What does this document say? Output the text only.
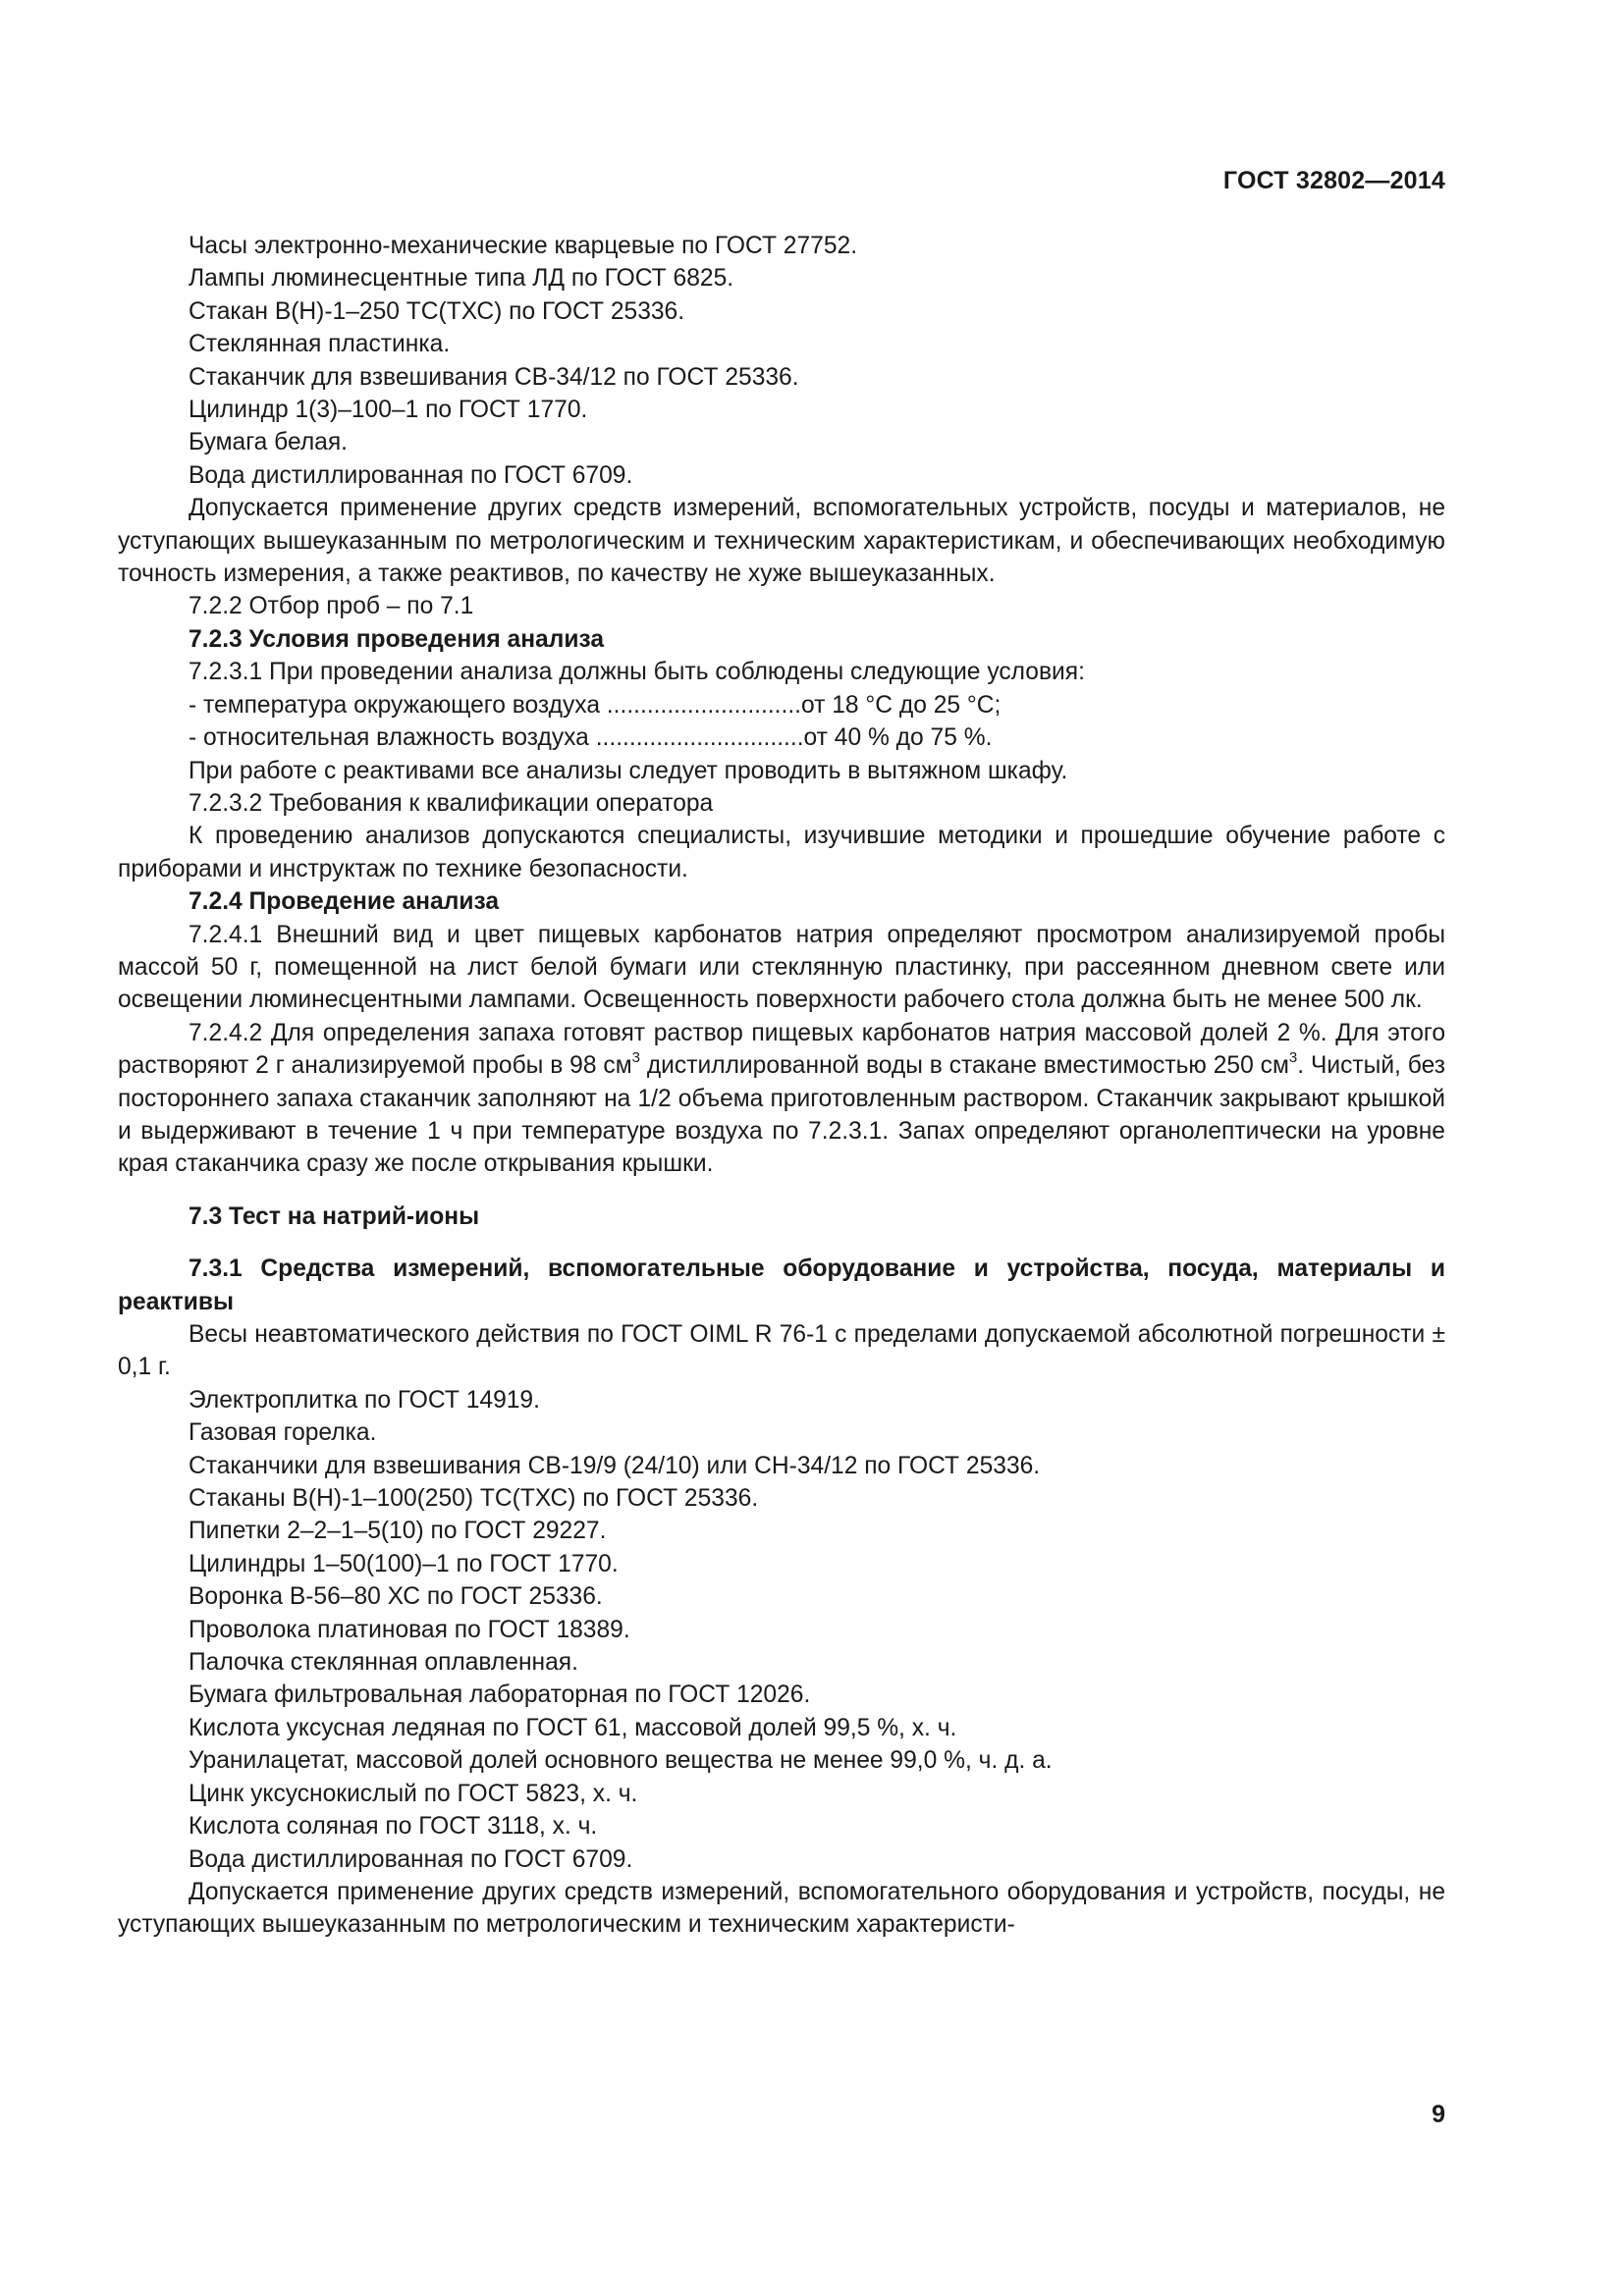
ГОСТ 32802—2014

Часы электронно-механические кварцевые по ГОСТ 27752.

Лампы люминесцентные типа ЛД по ГОСТ 6825.

Стакан В(Н)-1–250 ТС(ТХС) по ГОСТ 25336.

Стеклянная пластинка.

Стаканчик для взвешивания СВ-34/12 по ГОСТ 25336.

Цилиндр 1(3)–100–1 по ГОСТ 1770.

Бумага белая.

Вода дистиллированная по ГОСТ 6709.

Допускается применение других средств измерений, вспомогательных устройств, посуды и материалов, не уступающих вышеуказанным по метрологическим и техническим характеристикам, и обеспечивающих необходимую точность измерения, а также реактивов, по качеству не хуже вышеуказанных.

7.2.2 Отбор проб – по 7.1

7.2.3 Условия проведения анализа

7.2.3.1 При проведении анализа должны быть соблюдены следующие условия:

- температура окружающего воздуха .............................от 18 °С до 25 °С;

- относительная влажность воздуха ...............................от 40 % до 75 %.

При работе с реактивами все анализы следует проводить в вытяжном шкафу.

7.2.3.2 Требования к квалификации оператора

К проведению анализов допускаются специалисты, изучившие методики и прошедшие обучение работе с приборами и инструктаж по технике безопасности.

7.2.4 Проведение анализа

7.2.4.1 Внешний вид и цвет пищевых карбонатов натрия определяют просмотром анализируемой пробы массой 50 г, помещенной на лист белой бумаги или стеклянную пластинку, при рассеянном дневном свете или освещении люминесцентными лампами. Освещенность поверхности рабочего стола должна быть не менее 500 лк.

7.2.4.2 Для определения запаха готовят раствор пищевых карбонатов натрия массовой долей 2 %. Для этого растворяют 2 г анализируемой пробы в 98 $см^3$ дистиллированной воды в стакане вместимостью 250 $см^3$. Чистый, без постороннего запаха стаканчик заполняют на 1/2 объема приготовленным раствором. Стаканчик закрывают крышкой и выдерживают в течение 1 ч при температуре воздуха по 7.2.3.1. Запах определяют органолептически на уровне края стаканчика сразу же после открывания крышки.

7.3 Тест на натрий-ионы

7.3.1 Средства измерений, вспомогательные оборудование и устройства, посуда, материалы и реактивы

Весы неавтоматического действия по ГОСТ OIML R 76-1 с пределами допускаемой абсолютной погрешности ± 0,1 г.

Электроплитка по ГОСТ 14919.

Газовая горелка.

Стаканчики для взвешивания СВ-19/9 (24/10) или СН-34/12 по ГОСТ 25336.

Стаканы В(Н)-1–100(250) ТС(ТХС) по ГОСТ 25336.

Пипетки 2–2–1–5(10) по ГОСТ 29227.

Цилиндры 1–50(100)–1 по ГОСТ 1770.

Воронка В-56–80 ХС по ГОСТ 25336.

Проволока платиновая по ГОСТ 18389.

Палочка стеклянная оплавленная.

Бумага фильтровальная лабораторная по ГОСТ 12026.

Кислота уксусная ледяная по ГОСТ 61, массовой долей 99,5 %, х. ч.

Уранилацетат, массовой долей основного вещества не менее 99,0 %, ч. д. а.

Цинк уксуснокислый по ГОСТ 5823, х. ч.

Кислота соляная по ГОСТ 3118, х. ч.

Вода дистиллированная по ГОСТ 6709.

Допускается применение других средств измерений, вспомогательного оборудования и устройств, посуды, не уступающих вышеуказанным по метрологическим и техническим характеристи-

9
